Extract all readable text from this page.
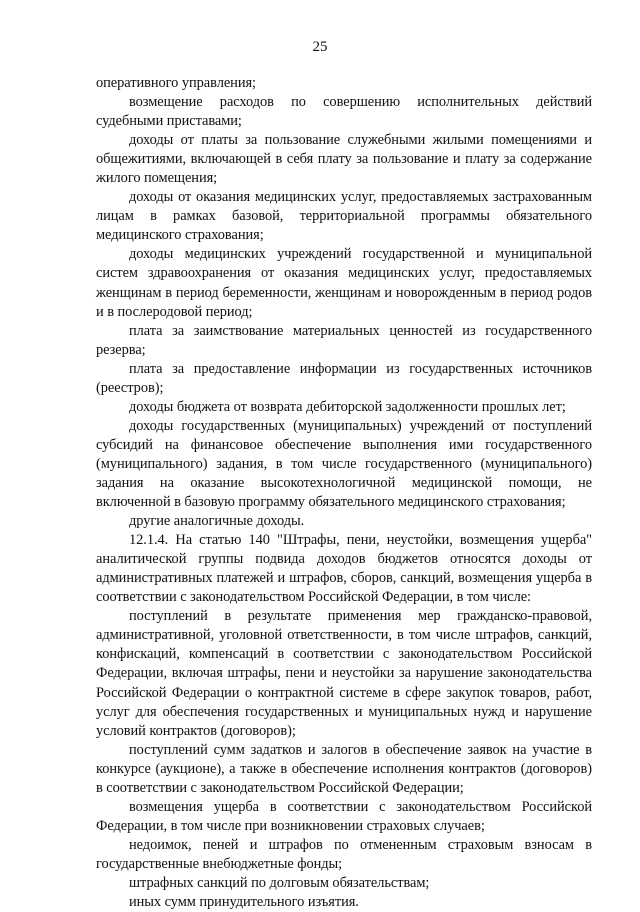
25

оперативного управления;

возмещение расходов по совершению исполнительных действий судебными приставами;

доходы от платы за пользование служебными жилыми помещениями и общежитиями, включающей в себя плату за пользование и плату за содержание жилого помещения;

доходы от оказания медицинских услуг, предоставляемых застрахованным лицам в рамках базовой, территориальной программы обязательного медицинского страхования;

доходы медицинских учреждений государственной и муниципальной систем здравоохранения от оказания медицинских услуг, предоставляемых женщинам в период беременности, женщинам и новорожденным в период родов и в послеродовой период;

плата за заимствование материальных ценностей из государственного резерва;

плата за предоставление информации из государственных источников (реестров);

доходы бюджета от возврата дебиторской задолженности прошлых лет;

доходы государственных (муниципальных) учреждений от поступлений субсидий на финансовое обеспечение выполнения ими государственного (муниципального) задания, в том числе государственного (муниципального) задания на оказание высокотехнологичной медицинской помощи, не включенной в базовую программу обязательного медицинского страхования;

другие аналогичные доходы.

12.1.4. На статью 140 "Штрафы, пени, неустойки, возмещения ущерба" аналитической группы подвида доходов бюджетов относятся доходы от административных платежей и штрафов, сборов, санкций, возмещения ущерба в соответствии с законодательством Российской Федерации, в том числе:

поступлений в результате применения мер гражданско-правовой, административной, уголовной ответственности, в том числе штрафов, санкций, конфискаций, компенсаций в соответствии с законодательством Российской Федерации, включая штрафы, пени и неустойки за нарушение законодательства Российской Федерации о контрактной системе в сфере закупок товаров, работ, услуг для обеспечения государственных и муниципальных нужд и нарушение условий контрактов (договоров);

поступлений сумм задатков и залогов в обеспечение заявок на участие в конкурсе (аукционе), а также в обеспечение исполнения контрактов (договоров) в соответствии с законодательством Российской Федерации;

возмещения ущерба в соответствии с законодательством Российской Федерации, в том числе при возникновении страховых случаев;

недоимок, пеней и штрафов по отмененным страховым взносам в государственные внебюджетные фонды;

штрафных санкций по долговым обязательствам;

иных сумм принудительного изъятия.
